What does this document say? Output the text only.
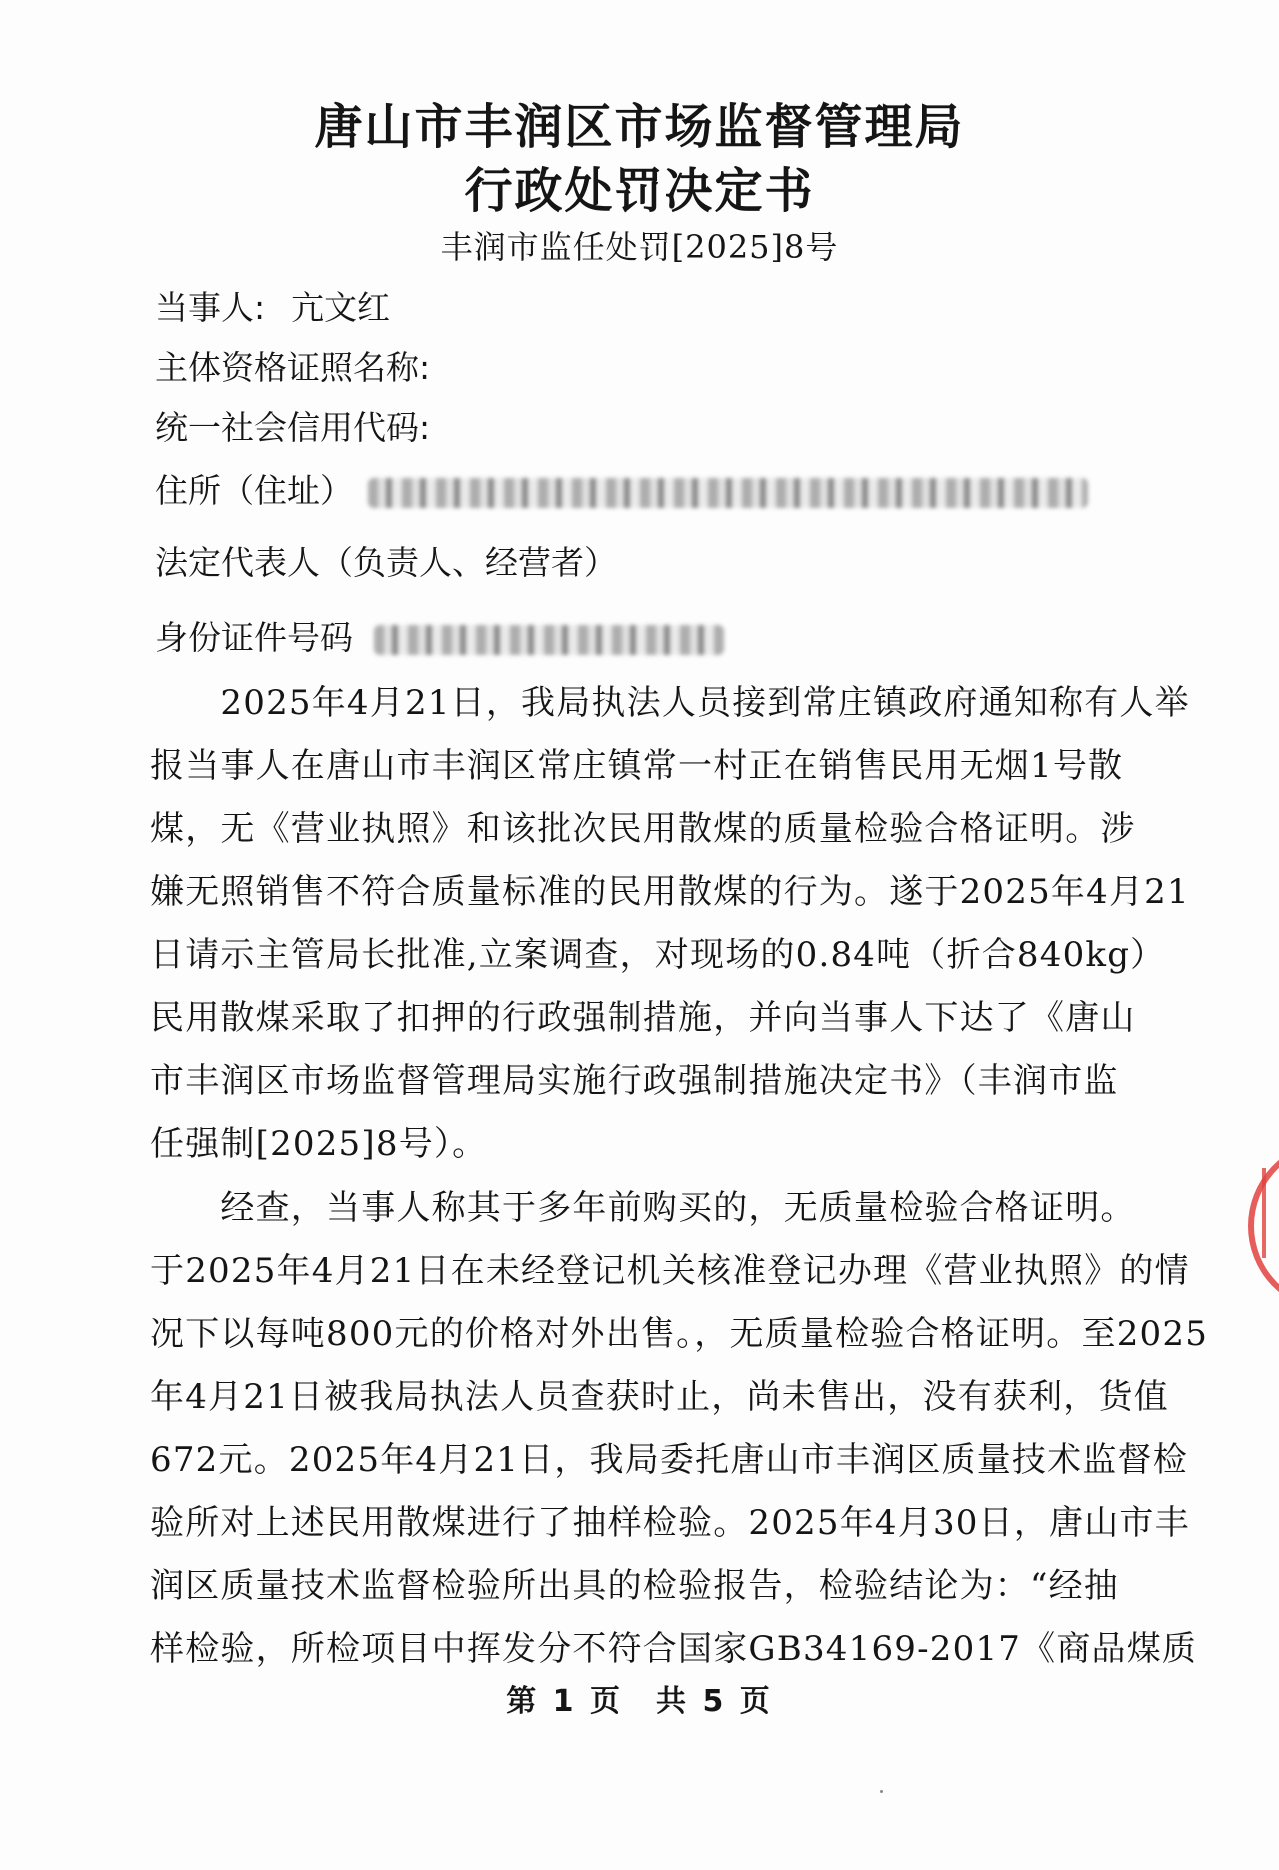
唐山市丰润区市场监督管理局
行政处罚决定书
丰润市监任处罚[2025]8号
当事人: 亢文红
主体资格证照名称:
统一社会信用代码:
住所（住址）
法定代表人（负责人、经营者）
身份证件号码
　　2025年4月21日，我局执法人员接到常庄镇政府通知称有人举
报当事人在唐山市丰润区常庄镇常一村正在销售民用无烟1号散
煤，无《营业执照》和该批次民用散煤的质量检验合格证明。涉
嫌无照销售不符合质量标准的民用散煤的行为。遂于2025年4月21
日请示主管局长批准,立案调查，对现场的0.84吨（折合840kg）
民用散煤采取了扣押的行政强制措施，并向当事人下达了《唐山
市丰润区市场监督管理局实施行政强制措施决定书》（丰润市监
任强制[2025]8号）。
　　经查，当事人称其于多年前购买的，无质量检验合格证明。
于2025年4月21日在未经登记机关核准登记办理《营业执照》的情
况下以每吨800元的价格对外出售。，无质量检验合格证明。至2025
年4月21日被我局执法人员查获时止，尚未售出，没有获利，货值
672元。2025年4月21日，我局委托唐山市丰润区质量技术监督检
验所对上述民用散煤进行了抽样检验。2025年4月30日，唐山市丰
润区质量技术监督检验所出具的检验报告，检验结论为：“经抽
样检验，所检项目中挥发分不符合国家GB34169-2017《商品煤质
第 1 页　共 5 页
